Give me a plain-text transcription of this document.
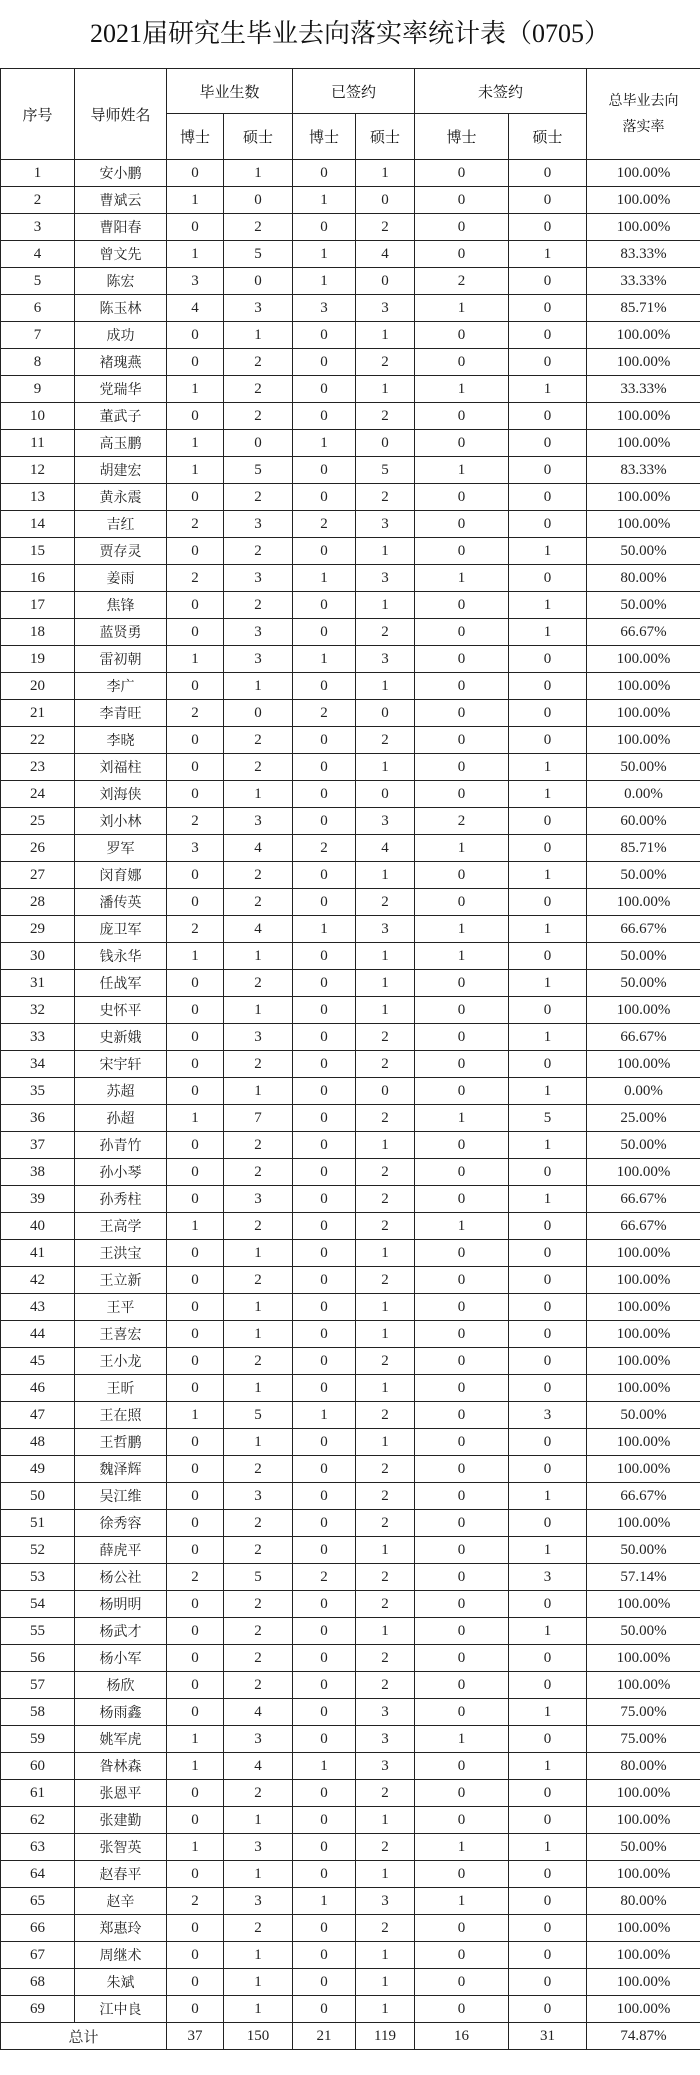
2021届研究生毕业去向落实率统计表（0705）
序号	导师姓名	毕业生数		已签约		未签约		总毕业去向
落实率

		博士	硕士	博士	硕士	博士	硕士	
1	安小鹏	0	1	0	1	0	0	100.00%
2	曹斌云	1	0	1	0	0	0	100.00%
3	曹阳春	0	2	0	2	0	0	100.00%
4	曾文先	1	5	1	4	0	1	83.33%
5	陈宏	3	0	1	0	2	0	33.33%
6	陈玉林	4	3	3	3	1	0	85.71%
7	成功	0	1	0	1	0	0	100.00%
8	褚瑰燕	0	2	0	2	0	0	100.00%
9	党瑞华	1	2	0	1	1	1	33.33%
10	董武子	0	2	0	2	0	0	100.00%
11	高玉鹏	1	0	1	0	0	0	100.00%
12	胡建宏	1	5	0	5	1	0	83.33%
13	黄永震	0	2	0	2	0	0	100.00%
14	吉红	2	3	2	3	0	0	100.00%
15	贾存灵	0	2	0	1	0	1	50.00%
16	姜雨	2	3	1	3	1	0	80.00%
17	焦锋	0	2	0	1	0	1	50.00%
18	蓝贤勇	0	3	0	2	0	1	66.67%
19	雷初朝	1	3	1	3	0	0	100.00%
20	李广	0	1	0	1	0	0	100.00%
21	李青旺	2	0	2	0	0	0	100.00%
22	李晓	0	2	0	2	0	0	100.00%
23	刘福柱	0	2	0	1	0	1	50.00%
24	刘海侠	0	1	0	0	0	1	0.00%
25	刘小林	2	3	0	3	2	0	60.00%
26	罗军	3	4	2	4	1	0	85.71%
27	闵育娜	0	2	0	1	0	1	50.00%
28	潘传英	0	2	0	2	0	0	100.00%
29	庞卫军	2	4	1	3	1	1	66.67%
30	钱永华	1	1	0	1	1	0	50.00%
31	任战军	0	2	0	1	0	1	50.00%
32	史怀平	0	1	0	1	0	0	100.00%
33	史新娥	0	3	0	2	0	1	66.67%
34	宋宇轩	0	2	0	2	0	0	100.00%
35	苏超	0	1	0	0	0	1	0.00%
36	孙超	1	7	0	2	1	5	25.00%
37	孙青竹	0	2	0	1	0	1	50.00%
38	孙小琴	0	2	0	2	0	0	100.00%
39	孙秀柱	0	3	0	2	0	1	66.67%
40	王高学	1	2	0	2	1	0	66.67%
41	王洪宝	0	1	0	1	0	0	100.00%
42	王立新	0	2	0	2	0	0	100.00%
43	王平	0	1	0	1	0	0	100.00%
44	王喜宏	0	1	0	1	0	0	100.00%
45	王小龙	0	2	0	2	0	0	100.00%
46	王昕	0	1	0	1	0	0	100.00%
47	王在照	1	5	1	2	0	3	50.00%
48	王哲鹏	0	1	0	1	0	0	100.00%
49	魏泽辉	0	2	0	2	0	0	100.00%
50	吴江维	0	3	0	2	0	1	66.67%
51	徐秀容	0	2	0	2	0	0	100.00%
52	薛虎平	0	2	0	1	0	1	50.00%
53	杨公社	2	5	2	2	0	3	57.14%
54	杨明明	0	2	0	2	0	0	100.00%
55	杨武才	0	2	0	1	0	1	50.00%
56	杨小军	0	2	0	2	0	0	100.00%
57	杨欣	0	2	0	2	0	0	100.00%
58	杨雨鑫	0	4	0	3	0	1	75.00%
59	姚军虎	1	3	0	3	1	0	75.00%
60	昝林森	1	4	1	3	0	1	80.00%
61	张恩平	0	2	0	2	0	0	100.00%
62	张建勤	0	1	0	1	0	0	100.00%
63	张智英	1	3	0	2	1	1	50.00%
64	赵春平	0	1	0	1	0	0	100.00%
65	赵辛	2	3	1	3	1	0	80.00%
66	郑惠玲	0	2	0	2	0	0	100.00%
67	周继术	0	1	0	1	0	0	100.00%
68	朱斌	0	1	0	1	0	0	100.00%
69	江中良	0	1	0	1	0	0	100.00%
总计		37	150	21	119	16	31	74.87%
